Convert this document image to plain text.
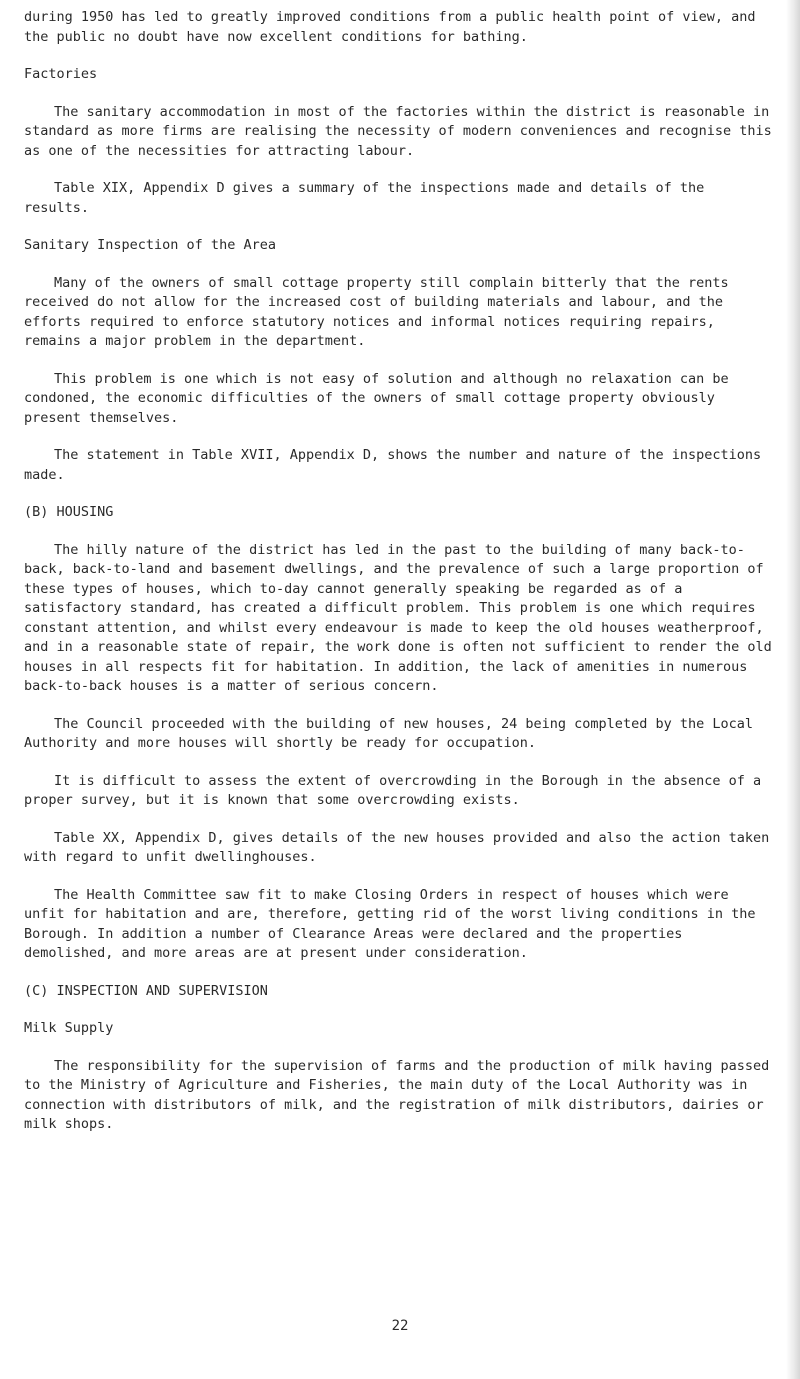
during 1950 has led to greatly improved conditions from a public health point of view, and the public no doubt have now excellent conditions for bathing.

Factories

The sanitary accommodation in most of the factories within the district is reasonable in standard as more firms are realising the necessity of modern conveniences and recognise this as one of the necessities for attracting labour.

Table XIX, Appendix D gives a summary of the inspections made and details of the results.

Sanitary Inspection of the Area

Many of the owners of small cottage property still complain bitterly that the rents received do not allow for the increased cost of building materials and labour, and the efforts required to enforce statutory notices and informal notices requiring repairs, remains a major problem in the department.

This problem is one which is not easy of solution and although no relaxation can be condoned, the economic difficulties of the owners of small cottage property obviously present themselves.

The statement in Table XVII, Appendix D, shows the number and nature of the inspections made.

(B) HOUSING

The hilly nature of the district has led in the past to the building of many back-to-back, back-to-land and basement dwellings, and the prevalence of such a large proportion of these types of houses, which to-day cannot generally speaking be regarded as of a satisfactory standard, has created a difficult problem. This problem is one which requires constant attention, and whilst every endeavour is made to keep the old houses weatherproof, and in a reasonable state of repair, the work done is often not sufficient to render the old houses in all respects fit for habitation. In addition, the lack of amenities in numerous back-to-back houses is a matter of serious concern.

The Council proceeded with the building of new houses, 24 being completed by the Local Authority and more houses will shortly be ready for occupation.

It is difficult to assess the extent of overcrowding in the Borough in the absence of a proper survey, but it is known that some overcrowding exists.

Table XX, Appendix D, gives details of the new houses provided and also the action taken with regard to unfit dwellinghouses.

The Health Committee saw fit to make Closing Orders in respect of houses which were unfit for habitation and are, therefore, getting rid of the worst living conditions in the Borough. In addition a number of Clearance Areas were declared and the properties demolished, and more areas are at present under consideration.

(C) INSPECTION AND SUPERVISION

Milk Supply

The responsibility for the supervision of farms and the production of milk having passed to the Ministry of Agriculture and Fisheries, the main duty of the Local Authority was in connection with distributors of milk, and the registration of milk distributors, dairies or milk shops.

22
